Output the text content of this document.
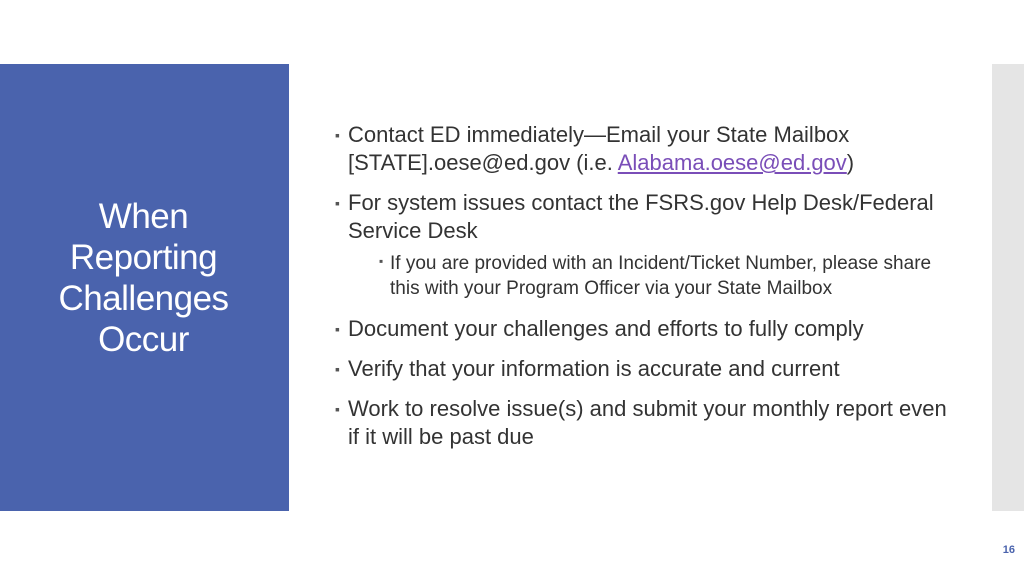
When
Reporting
Challenges
Occur
▪ Contact ED immediately—Email your State Mailbox
[STATE].oese@ed.gov (i.e. Alabama.oese@ed.gov)
▪ For system issues contact the FSRS.gov Help Desk/Federal Service Desk
▪ If you are provided with an Incident/Ticket Number, please share this with your Program Officer via your State Mailbox
▪ Document your challenges and efforts to fully comply
▪ Verify that your information is accurate and current
▪ Work to resolve issue(s) and submit your monthly report even if it will be past due
16
